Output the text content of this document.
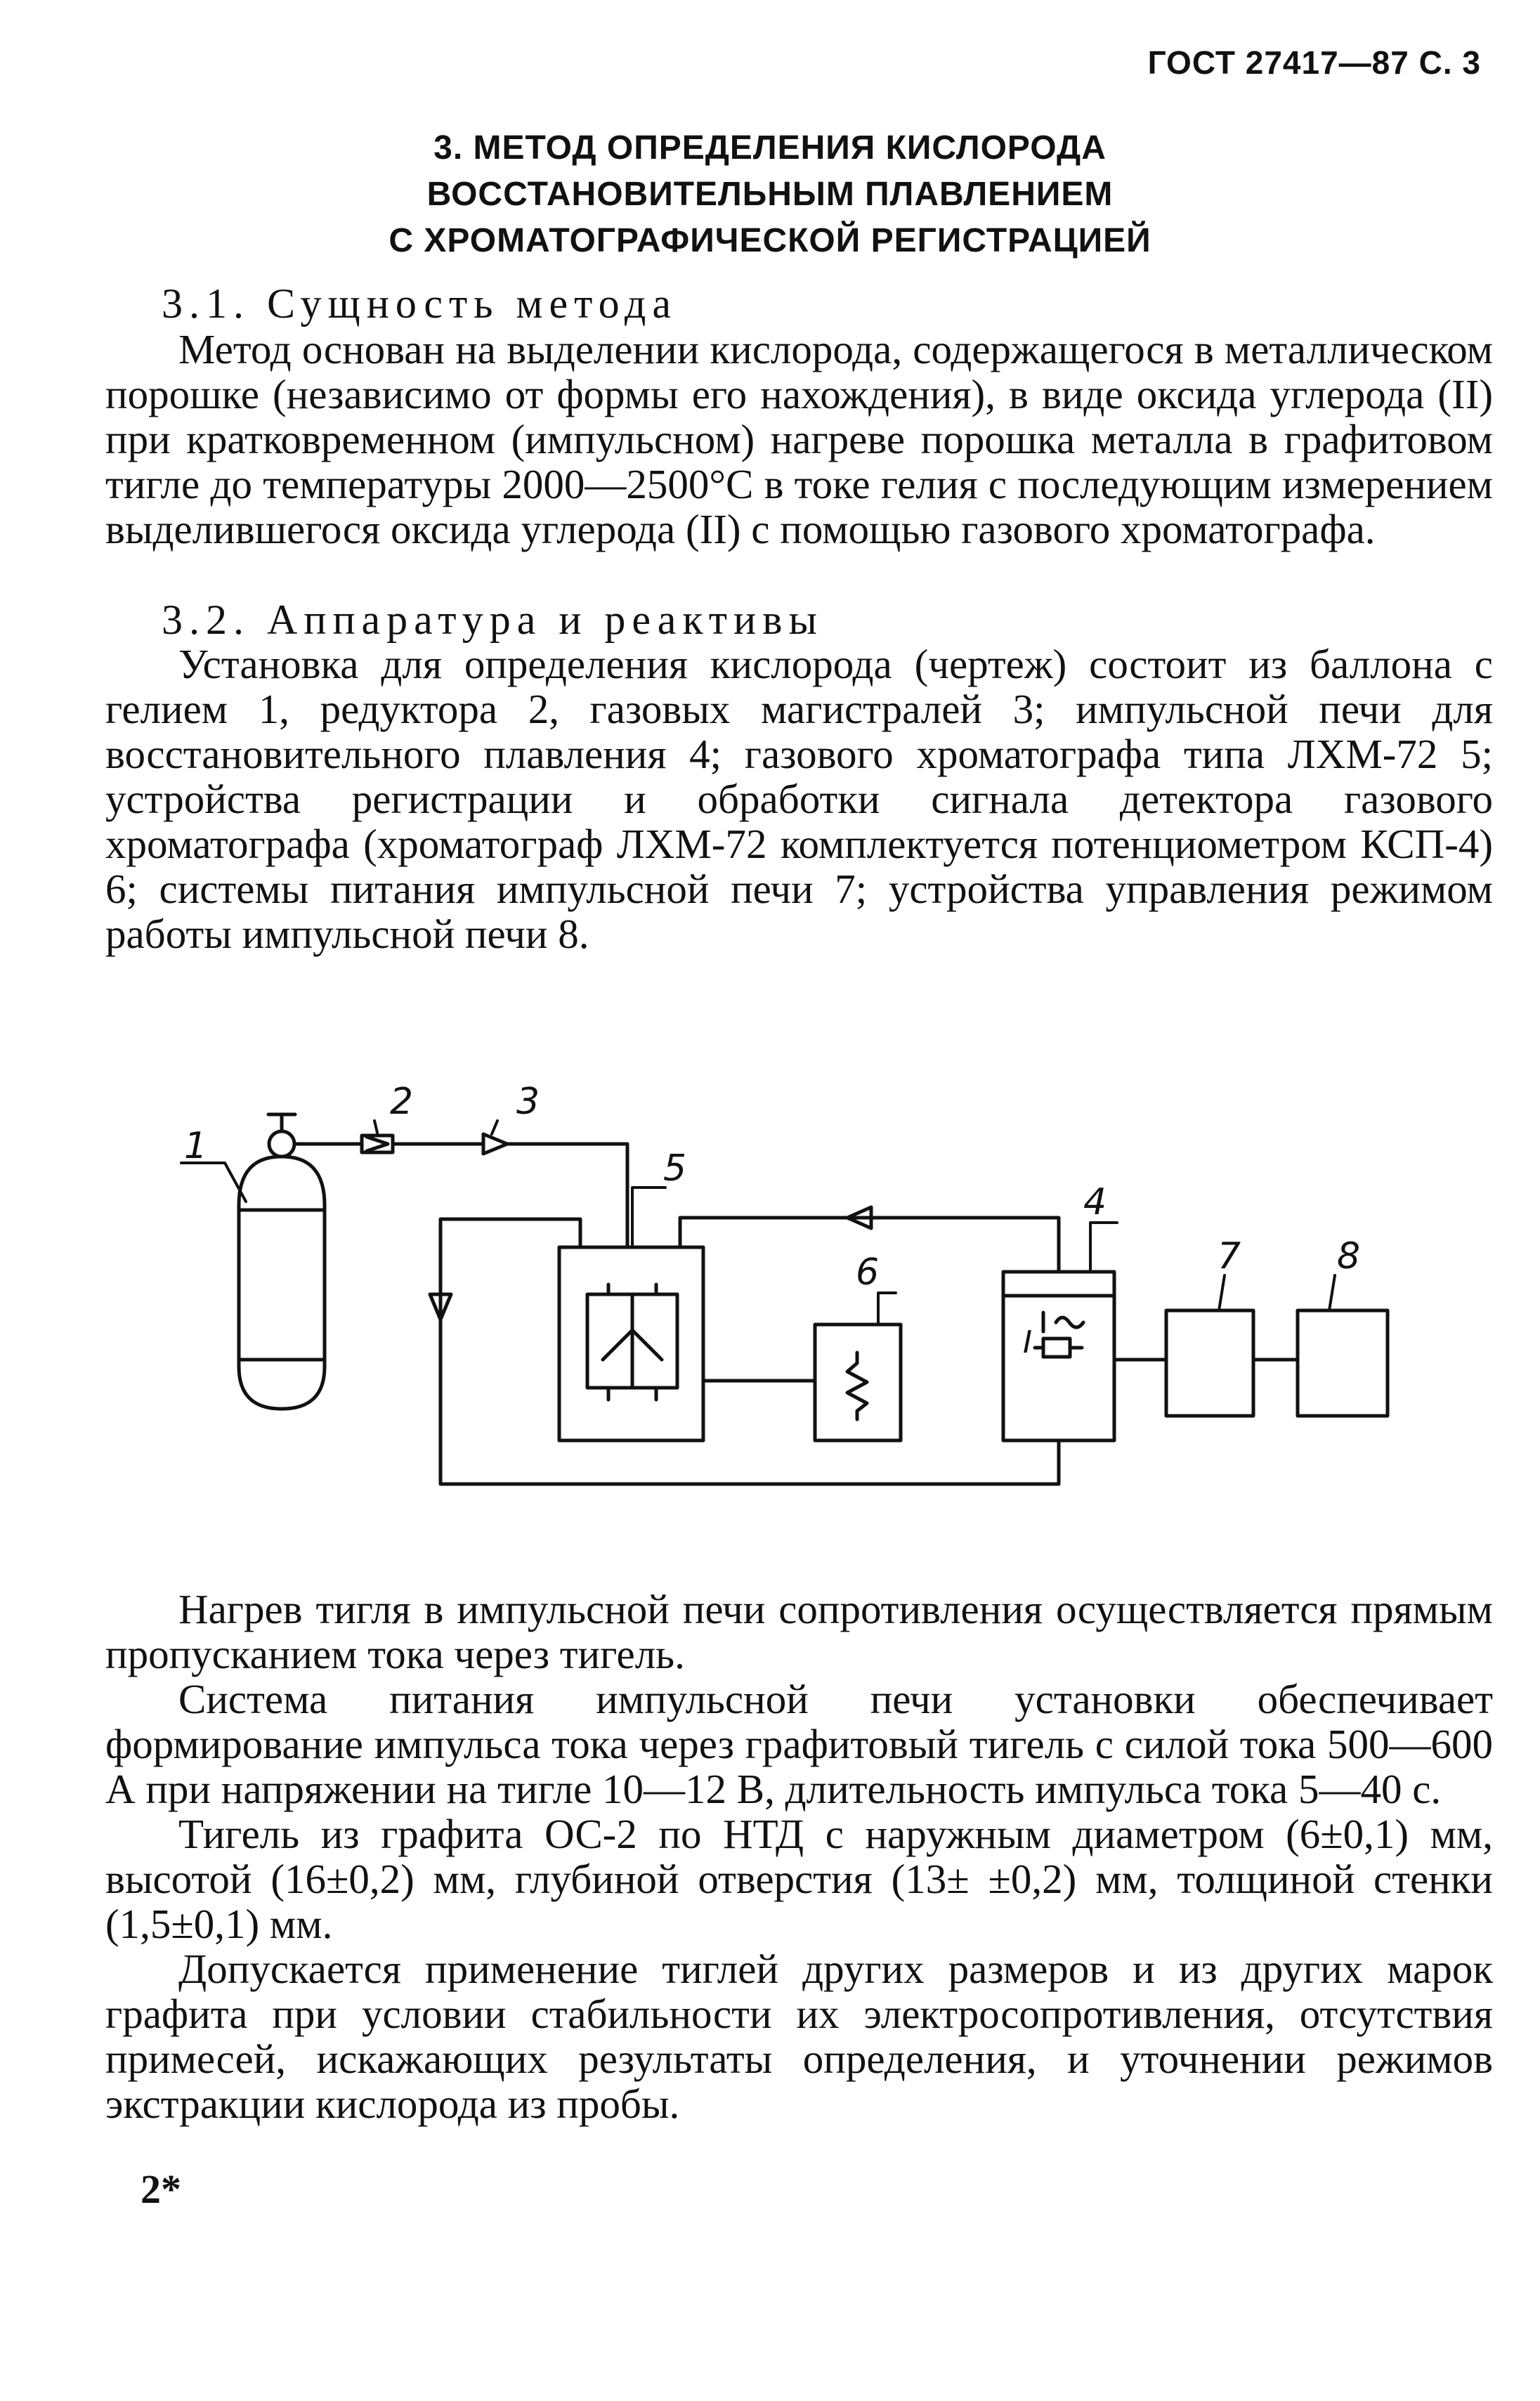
ГОСТ 27417—87 С. 3
3. МЕТОД ОПРЕДЕЛЕНИЯ КИСЛОРОДА
ВОССТАНОВИТЕЛЬНЫМ ПЛАВЛЕНИЕМ
С ХРОМАТОГРАФИЧЕСКОЙ РЕГИСТРАЦИЕЙ
3.1. Сущность метода

Метод основан на выделении кислорода, содержащегося в металлическом порошке (независимо от формы его нахождения), в виде оксида углерода (II) при кратковременном (импульсном) нагреве порошка металла в графитовом тигле до температуры 2000—2500°С в токе гелия с последующим измерением выделившегося оксида углерода (II) с помощью газового хроматографа.

3.2. Аппаратура и реактивы

Установка для определения кислорода (чертеж) состоит из баллона с гелием 1, редуктора 2, газовых магистралей 3; импульсной печи для восстановительного плавления 4; газового хроматографа типа ЛХМ-72 5; устройства регистрации и обработки сигнала детектора газового хроматографа (хроматограф ЛХМ-72 комплектуется потенциометром КСП-4) 6; системы питания импульсной печи 7; устройства управления режимом работы импульсной печи 8.

1
2	3
4
5
6	7	8
I

Нагрев тигля в импульсной печи сопротивления осуществляется прямым пропусканием тока через тигель.

Система питания импульсной печи установки обеспечивает формирование импульса тока через графитовый тигель с силой тока 500—600 А при напряжении на тигле 10—12 В, длительность импульса тока 5—40 с.

Тигель из графита ОС-2 по НТД с наружным диаметром (6±0,1) мм, высотой (16±0,2) мм, глубиной отверстия (13± ±0,2) мм, толщиной стенки (1,5±0,1) мм.

Допускается применение тиглей других размеров и из других марок графита при условии стабильности их электросопротивления, отсутствия примесей, искажающих результаты определения, и уточнении режимов экстракции кислорода из пробы.

2*
